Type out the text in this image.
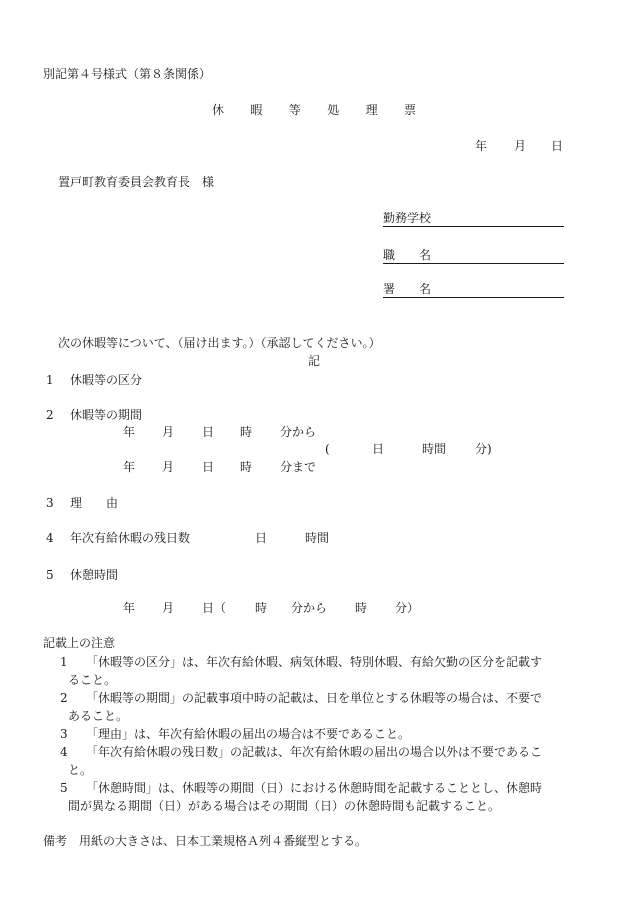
別記第４号様式（第８条関係）
休暇等処理票
年 月 日
置戸町教育委員会教育長　様
勤務学校
職　　名
署　　名
次の休暇等について、（届け出ます。）（承認してください。）
記
1 休暇等の区分
2 休暇等の期間
年 月 日 時 分から
(	日	時間 分)
年 月 日 時 分まで
3 理　　由
4 年次有給休暇の残日数	日	時間
5 休憩時間
年 月 日（ 時 分から 時 分）
記載上の注意
1 「休暇等の区分」は、年次有給休暇、病気休暇、特別休暇、有給欠勤の区分を記載す
ること。
2 「休暇等の期間」の記載事項中時の記載は、日を単位とする休暇等の場合は、不要で
あること。
3 「理由」は、年次有給休暇の届出の場合は不要であること。
4 「年次有給休暇の残日数」の記載は、年次有給休暇の届出の場合以外は不要であるこ
と。
5 「休憩時間」は、休暇等の期間（日）における休憩時間を記載することとし、休憩時
間が異なる期間（日）がある場合はその期間（日）の休憩時間も記載すること。
備考　用紙の大きさは、日本工業規格Ａ列４番縦型とする。
